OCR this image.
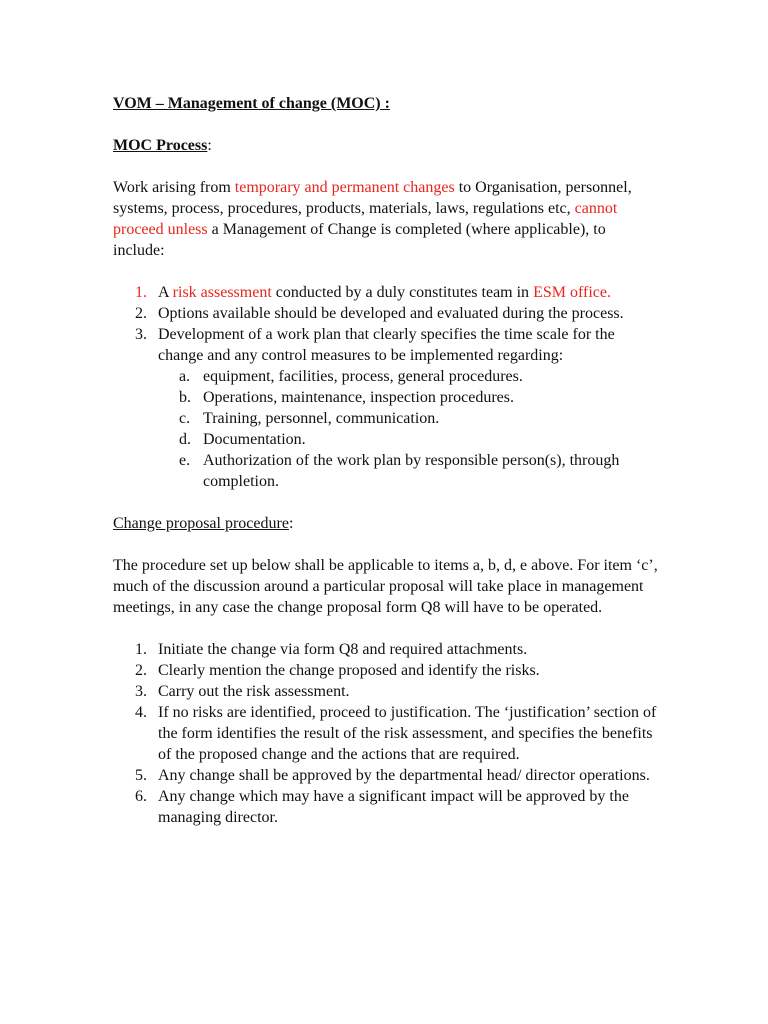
VOM – Management of change (MOC) :

MOC Process:

Work arising from temporary and permanent changes to Organisation, personnel, systems, process, procedures, products, materials, laws, regulations etc, cannot proceed unless a Management of Change is completed (where applicable), to include:

1. A risk assessment conducted by a duly constitutes team in ESM office.
2. Options available should be developed and evaluated during the process.
3. Development of a work plan that clearly specifies the time scale for the change and any control measures to be implemented regarding:
a. equipment, facilities, process, general procedures.
b. Operations, maintenance, inspection procedures.
c. Training, personnel, communication.
d. Documentation.
e. Authorization of the work plan by responsible person(s), through completion.

Change proposal procedure:

The procedure set up below shall be applicable to items a, b, d, e above. For item ‘c’, much of the discussion around a particular proposal will take place in management meetings, in any case the change proposal form Q8 will have to be operated.

1. Initiate the change via form Q8 and required attachments.
2. Clearly mention the change proposed and identify the risks.
3. Carry out the risk assessment.
4. If no risks are identified, proceed to justification. The ‘justification’ section of the form identifies the result of the risk assessment, and specifies the benefits of the proposed change and the actions that are required.
5. Any change shall be approved by the departmental head/ director operations.
6. Any change which may have a significant impact will be approved by the managing director.
